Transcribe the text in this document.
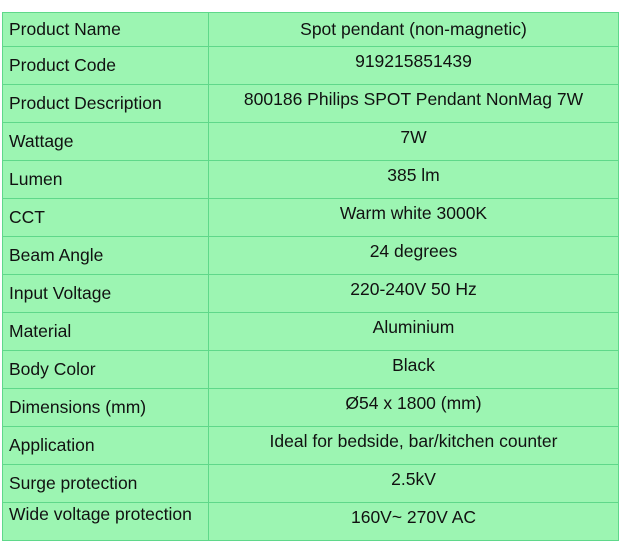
Product Name	Spot pendant (non-magnetic)
Product Code	919215851439
Product Description	800186 Philips SPOT Pendant NonMag 7W
Wattage	7W
Lumen	385 lm
CCT	Warm white 3000K
Beam Angle	24 degrees
Input Voltage	220-240V 50 Hz
Material	Aluminium
Body Color	Black
Dimensions (mm)	Ø54 x 1800 (mm)
Application	Ideal for bedside, bar/kitchen counter
Surge protection	2.5kV
Wide voltage protection	160V~ 270V AC
